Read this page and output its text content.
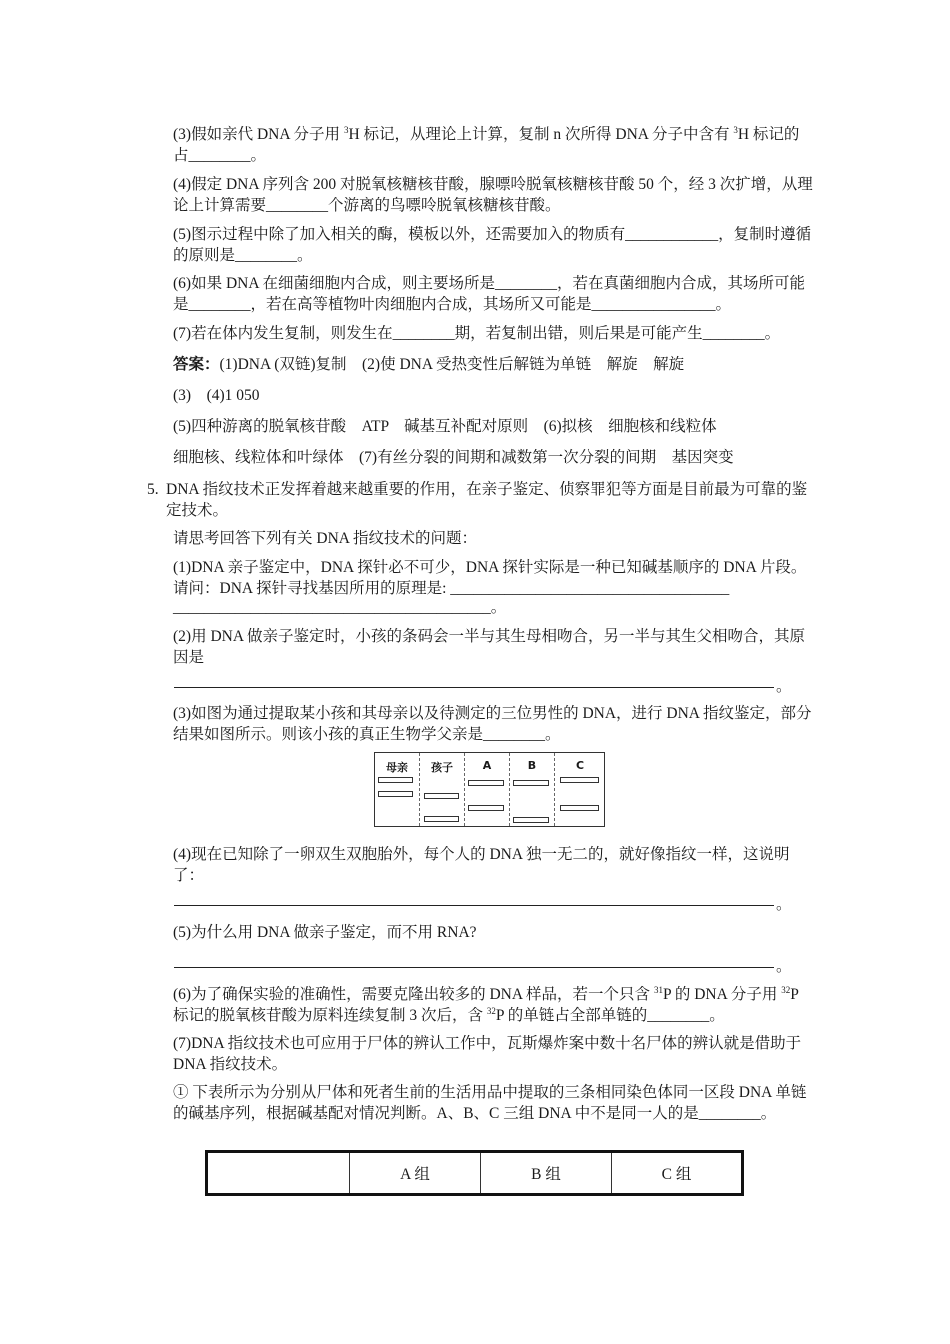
(3)假如亲代 DNA 分子用 $^3$H 标记，从理论上计算，复制 n 次所得 DNA 分子中含有 $^3$H 标记的占________。

(4)假定 DNA 序列含 200 对脱氧核糖核苷酸，腺嘌呤脱氧核糖核苷酸 50 个，经 3 次扩增，从理论上计算需要________个游离的鸟嘌呤脱氧核糖核苷酸。

(5)图示过程中除了加入相关的酶，模板以外，还需要加入的物质有____________，复制时遵循的原则是________。

(6)如果 DNA 在细菌细胞内合成，则主要场所是________，若在真菌细胞内合成，其场所可能是________，若在高等植物叶肉细胞内合成，其场所又可能是________________。

(7)若在体内发生复制，则发生在________期，若复制出错，则后果是可能产生________。

答案：(1)DNA (双链)复制　(2)使 DNA 受热变性后解链为单链　解旋　解旋

(3)　(4)1 050

(5)四种游离的脱氧核苷酸　ATP　碱基互补配对原则　(6)拟核　细胞核和线粒体

细胞核、线粒体和叶绿体　(7)有丝分裂的间期和减数第一次分裂的间期　基因突变

5. DNA 指纹技术正发挥着越来越重要的作用，在亲子鉴定、侦察罪犯等方面是目前最为可靠的鉴定技术。

请思考回答下列有关 DNA 指纹技术的问题：

(1)DNA 亲子鉴定中，DNA 探针必不可少，DNA 探针实际是一种已知碱基顺序的 DNA 片段。请问：DNA 探针寻找基因所用的原理是: ____________________________________

_________________________________________。

(2)用 DNA 做亲子鉴定时，小孩的条码会一半与其生母相吻合，另一半与其生父相吻合，其原因是

。

(3)如图为通过提取某小孩和其母亲以及待测定的三位男性的 DNA，进行 DNA 指纹鉴定，部分结果如图所示。则该小孩的真正生物学父亲是________。

母亲	孩子	A	B	C

(4)现在已知除了一卵双生双胞胎外，每个人的 DNA 独一无二的，就好像指纹一样，这说明了：

。

(5)为什么用 DNA 做亲子鉴定，而不用 RNA?

。

(6)为了确保实验的准确性，需要克隆出较多的 DNA 样品，若一个只含 $^{31}$P 的 DNA 分子用 $^{32}$P 标记的脱氧核苷酸为原料连续复制 3 次后，含 $^{32}$P 的单链占全部单链的________。

(7)DNA 指纹技术也可应用于尸体的辨认工作中，瓦斯爆炸案中数十名尸体的辨认就是借助于 DNA 指纹技术。

① 下表所示为分别从尸体和死者生前的生活用品中提取的三条相同染色体同一区段 DNA 单链的碱基序列，根据碱基配对情况判断。A、B、C 三组 DNA 中不是同一人的是________。

A 组	B 组	C 组
